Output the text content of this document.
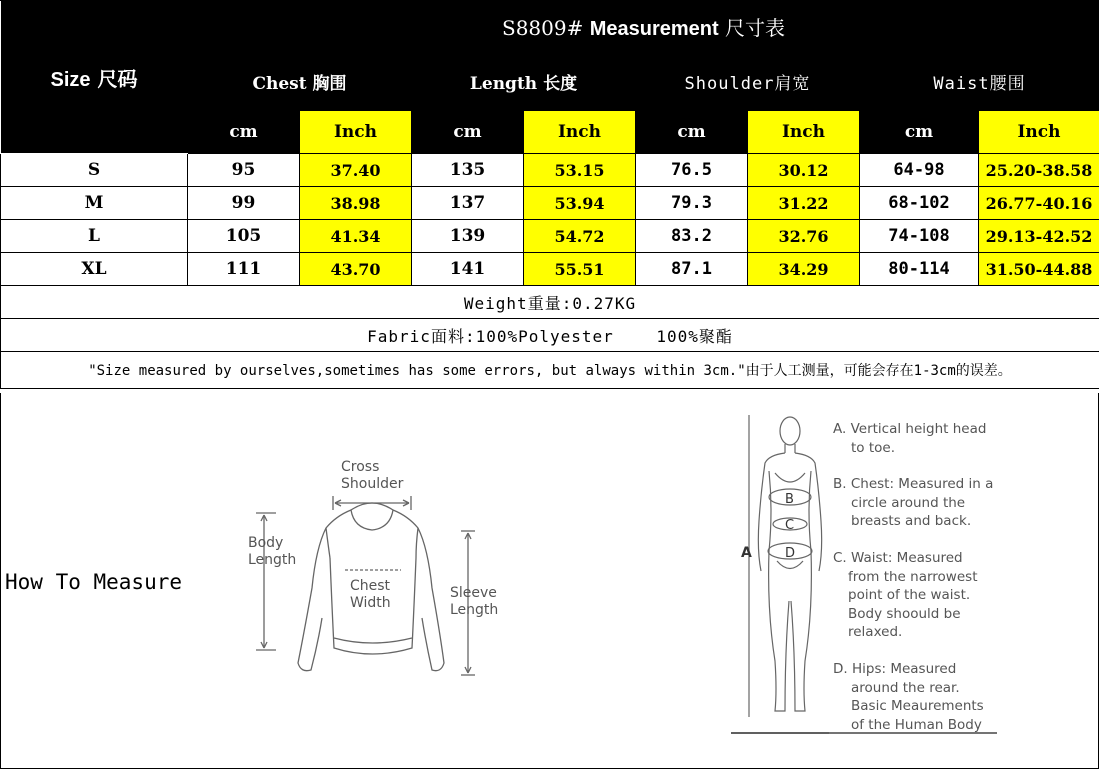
Size 尺码	S8809# Measurement 尺寸表							
	Chest 胸围		Length 长度		Shoulder肩宽		Waist腰围	
	cm	Inch	cm	Inch	cm	Inch	cm	Inch
S	95	37.40	135	53.15	76.5	30.12	64-98	25.20-38.58
M	99	38.98	137	53.94	79.3	31.22	68-102	26.77-40.16
L	105	41.34	139	54.72	83.2	32.76	74-108	29.13-42.52
XL	111	43.70	141	55.51	87.1	34.29	80-114	31.50-44.88
Weight重量:0.27KG								
Fabric面料:100%Polyester    100%聚酯								
"Size measured by ourselves,sometimes has some errors, but always within 3cm."由于人工测量，可能会存在1-3cm的误差。								
How To Measure
Cross
Shoulder
Body
Length
Chest
Width
Sleeve
Length
A
B
C
D
A. Vertical height head
to toe.
B. Chest: Measured in a
circle around the
breasts and back.
C. Waist: Measured
from the narrowest
point of the waist.
Body shoould be
relaxed.
D. Hips: Measured
around the rear.
Basic Meaurements
of the Human Body
